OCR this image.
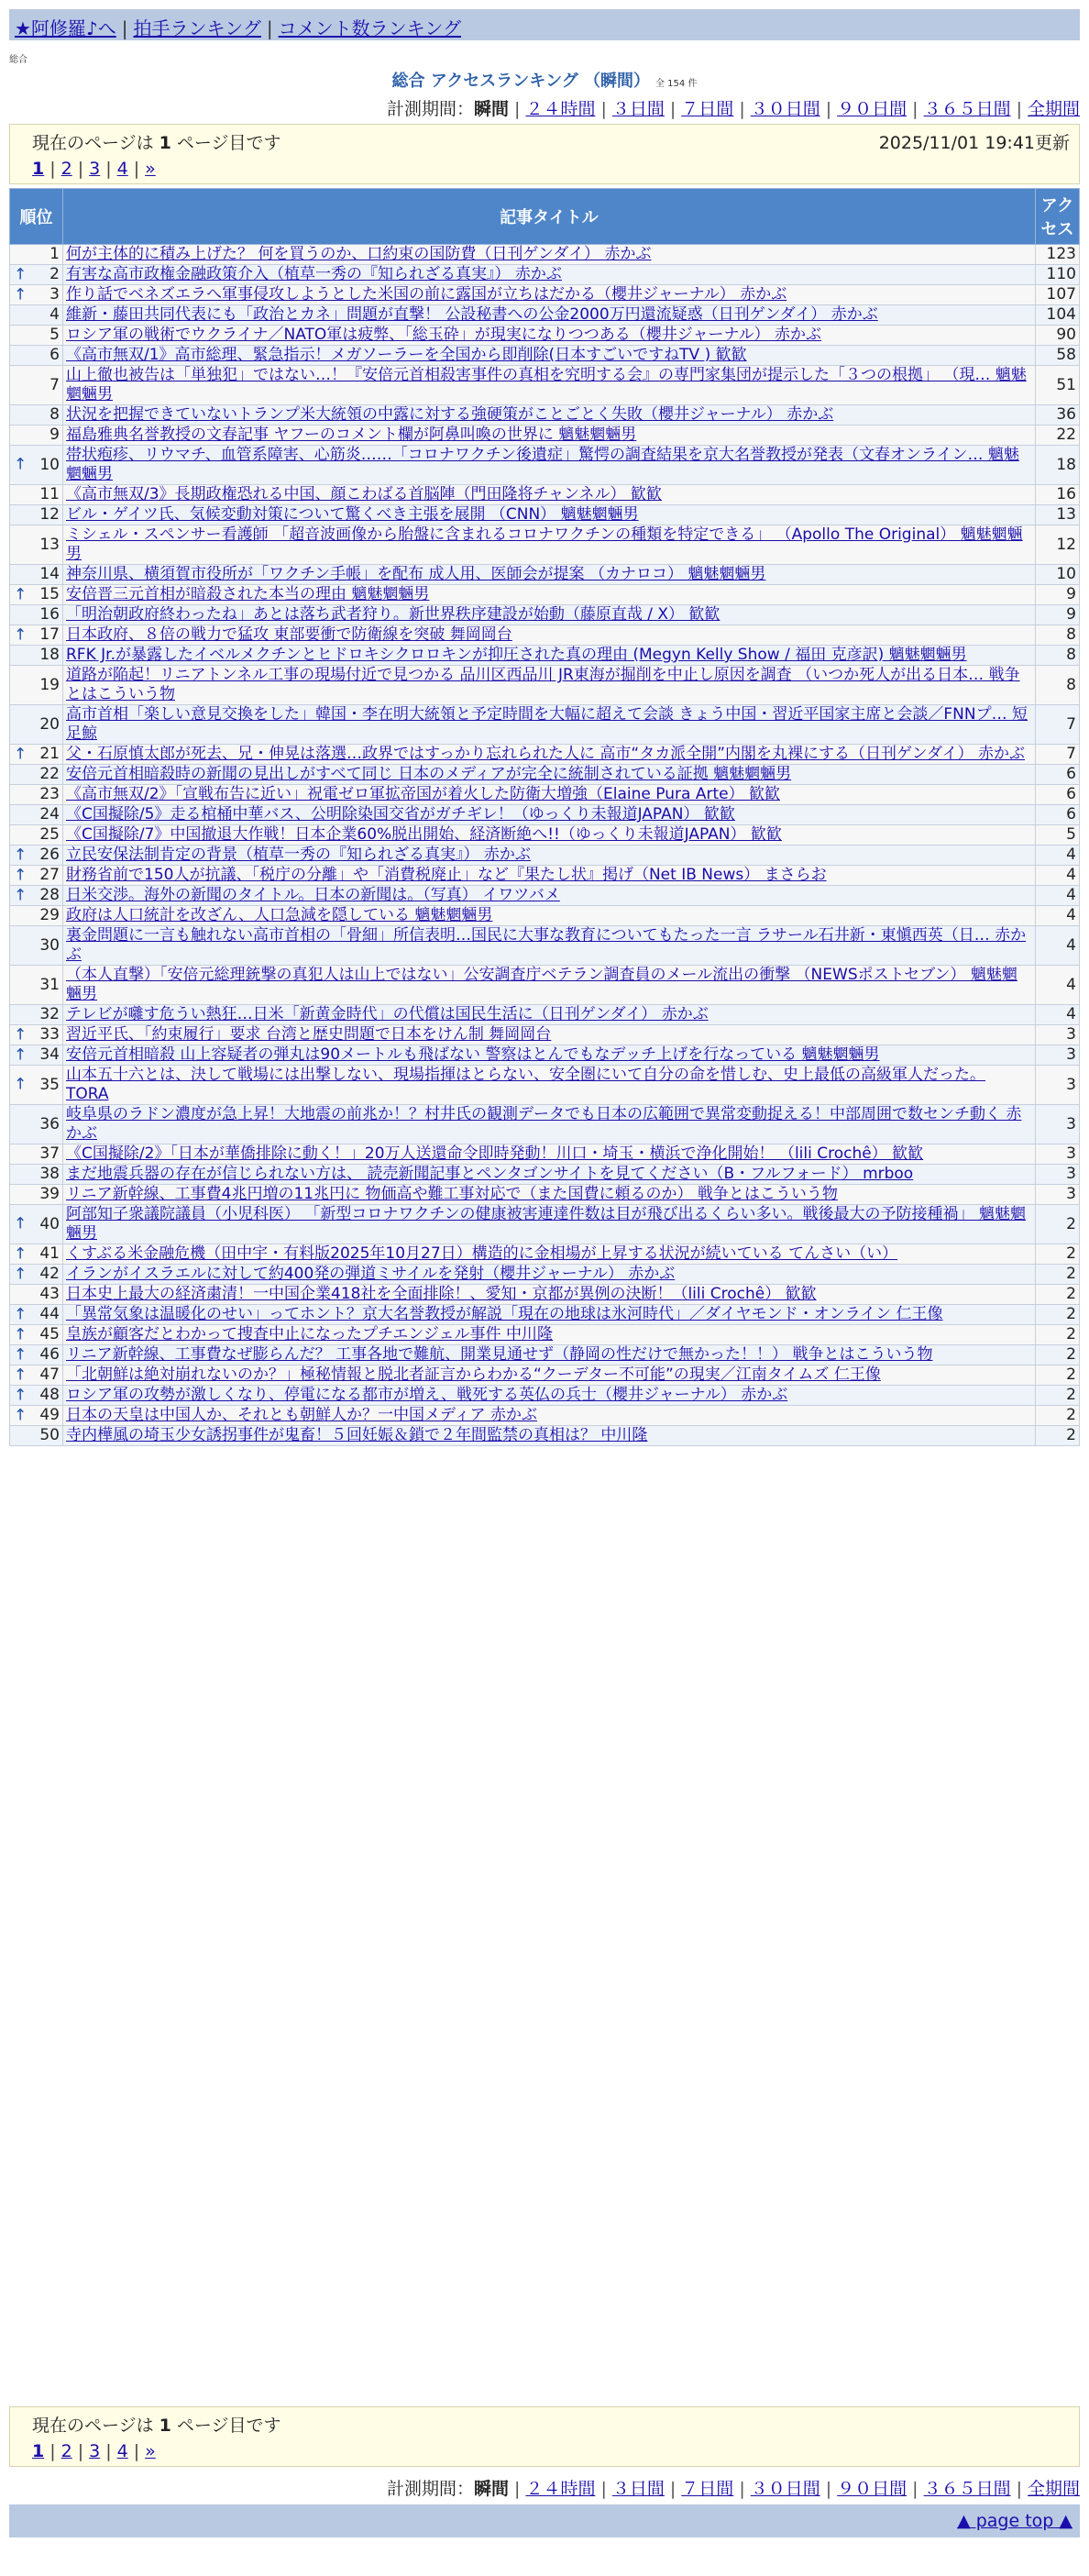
★阿修羅♪へ | 拍手ランキング | コメント数ランキング
総合
総合 アクセスランキング （瞬間） 全 154 件
計測期間：瞬間 | ２４時間 | ３日間 | ７日間 | ３０日間 | ９０日間 | ３６５日間 | 全期間
現在のページは 1 ページ目です	2025/11/01 19:41更新
1 | 2 | 3 | 4 | »
順位	記事タイトル	アクセス
1	何が主体的に積み上げた？ 何を買うのか、口約束の国防費（日刊ゲンダイ） 赤かぶ	123

↑ 2	有害な高市政権金融政策介入（植草一秀の『知られざる真実』） 赤かぶ	110

↑ 3	作り話でベネズエラへ軍事侵攻しようとした米国の前に露国が立ちはだかる（櫻井ジャーナル） 赤かぶ	107
4	維新・藤田共同代表にも「政治とカネ」問題が直撃！ 公設秘書への公金2000万円還流疑惑（日刊ゲンダイ） 赤かぶ	104
5	ロシア軍の戦術でウクライナ／NATO軍は疲弊、「総玉砕」が現実になりつつある（櫻井ジャーナル） 赤かぶ	90
6	《高市無双/1》高市総理、緊急指示！メガソーラーを全国から即削除(日本すごいですねTV ) 歓歓	58
7	山上徹也被告は「単独犯」ではない…！『安倍元首相殺害事件の真相を究明する会』の専門家集団が提示した「３つの根拠」 （現… 魑魅魍魎男	51
8	状況を把握できていないトランプ米大統領の中露に対する強硬策がことごとく失敗（櫻井ジャーナル） 赤かぶ	36
9	福島雅典名誉教授の文春記事 ヤフーのコメント欄が阿鼻叫喚の世界に 魑魅魍魎男	22

↑ 10	帯状疱疹、リウマチ、血管系障害、心筋炎……「コロナワクチン後遺症」驚愕の調査結果を京大名誉教授が発表（文春オンライン… 魑魅魍魎男	18
11	《高市無双/3》長期政権恐れる中国、顔こわばる首脳陣（門田隆将チャンネル） 歓歓	16
12	ビル・ゲイツ氏、気候変動対策について驚くべき主張を展開 （CNN） 魑魅魍魎男	13
13	ミシェル・スペンサー看護師 「超音波画像から胎盤に含まれるコロナワクチンの種類を特定できる」 （Apollo The Original） 魑魅魍魎男	12
14	神奈川県、横須賀市役所が「ワクチン手帳」を配布 成人用、医師会が提案 （カナロコ） 魑魅魍魎男	10

↑ 15	安倍晋三元首相が暗殺された本当の理由 魑魅魍魎男	9
16	「明治朝政府終わったね」あとは落ち武者狩り。新世界秩序建設が始動（藤原直哉 / X） 歓歓	9

↑ 17	日本政府、８倍の戦力で猛攻 東部要衝で防衛線を突破 舞岡岡台	8
18	RFK Jr.が暴露したイベルメクチンとヒドロキシクロロキンが抑圧された真の理由 (Megyn Kelly Show / 福田 克彦訳) 魑魅魍魎男	8
19	道路が陥起！リニアトンネル工事の現場付近で見つかる 品川区西品川 JR東海が掘削を中止し原因を調査 （いつか死人が出る日本… 戦争とはこういう物	8
20	高市首相「楽しい意見交換をした」韓国・李在明大統領と予定時間を大幅に超えて会談 きょう中国・習近平国家主席と会談／FNNプ… 短足鯨	7

↑ 21	父・石原慎太郎が死去、兄・伸晃は落選…政界ではすっかり忘れられた人に 高市“タカ派全開”内閣を丸裸にする（日刊ゲンダイ） 赤かぶ	7
22	安倍元首相暗殺時の新聞の見出しがすべて同じ 日本のメディアが完全に統制されている証拠 魑魅魍魎男	6
23	《高市無双/2》「宣戦布告に近い」祝電ゼロ軍拡帝国が着火した防衛大増強（Elaine Pura Arte） 歓歓	6
24	《C国擬除/5》走る棺桶中華バス、公明除染国交省がガチギレ！（ゆっくり未報道JAPAN） 歓歓	6
25	《C国擬除/7》中国撤退大作戦！日本企業60%脱出開始、経済断絶へ!!（ゆっくり未報道JAPAN） 歓歓	5

↑ 26	立民安保法制肯定の背景（植草一秀の『知られざる真実』） 赤かぶ	4

↑ 27	財務省前で150人が抗議、「税庁の分離」や「消費税廃止」など『果たし状』掲げ（Net IB News） まさらお	4

↑ 28	日米交渉。海外の新聞のタイトル。日本の新聞は。（写真） イワツバメ	4
29	政府は人口統計を改ざん、人口急減を隠している 魑魅魍魎男	4
30	裏金問題に一言も触れない高市首相の「骨細」所信表明…国民に大事な教育についてもたった一言 ラサール石井新・東愼西英（日… 赤かぶ	4
31	（本人直撃）「安倍元総理銃撃の真犯人は山上ではない」公安調査庁ベテラン調査員のメール流出の衝撃 （NEWSポストセブン） 魑魅魍魎男	4
32	テレビが囃す危うい熱狂…日米「新黄金時代」の代償は国民生活に（日刊ゲンダイ） 赤かぶ	4

↑ 33	習近平氏、「約束履行」要求 台湾と歴史問題で日本をけん制 舞岡岡台	3

↑ 34	安倍元首相暗殺 山上容疑者の弾丸は90メートルも飛ばない 警察はとんでもなデッチ上げを行なっている 魑魅魍魎男	3

↑ 35	山本五十六とは、決して戦場には出撃しない、現場指揮はとらない、安全圏にいて自分の命を惜しむ、史上最低の高級軍人だった。 TORA	3
36	岐阜県のラドン濃度が急上昇！大地震の前兆か！？村井氏の観測データでも日本の広範囲で異常変動捉える！中部周囲で数センチ動く 赤かぶ	3
37	《C国擬除/2》「日本が華僑排除に動く！」20万人送還命令即時発動！川口・埼玉・横浜で浄化開始！ （lili Crochê） 歓歓	3
38	まだ地震兵器の存在が信じられない方は、 読売新聞記事とペンタゴンサイトを見てください（B・フルフォード） mrboo	3
39	リニア新幹線、工事費4兆円増の11兆円に 物価高や難工事対応で（また国費に頼るのか） 戦争とはこういう物	3

↑ 40	阿部知子衆議院議員（小児科医） 「新型コロナワクチンの健康被害連達件数は目が飛び出るくらい多い。戦後最大の予防接種禍」 魑魅魍魎男	2

↑ 41	くすぶる米金融危機（田中宇・有料版2025年10月27日）構造的に金相場が上昇する状況が続いている てんさい（い）	2

↑ 42	イランがイスラエルに対して約400発の弾道ミサイルを発射（櫻井ジャーナル） 赤かぶ	2
43	日本史上最大の経済粛清！一中国企業418社を全面排除！、愛知・京都が異例の決断！（lili Crochê） 歓歓	2

↑ 44	「異常気象は温暖化のせい」ってホント？京大名誉教授が解説「現在の地球は氷河時代」／ダイヤモンド・オンライン 仁王像	2

↑ 45	皇族が顧客だとわかって捜査中止になったプチエンジェル事件 中川隆	2

↑ 46	リニア新幹線、工事費なぜ膨らんだ？ 工事各地で難航、開業見通せず（静岡の性だけで無かった！！） 戦争とはこういう物	2

↑ 47	「北朝鮮は絶対崩れないのか？」極秘情報と脱北者証言からわかる“クーデター不可能”の現実／江南タイムズ 仁王像	2

↑ 48	ロシア軍の攻勢が激しくなり、停電になる都市が増え、戦死する英仏の兵士（櫻井ジャーナル） 赤かぶ	2

↑ 49	日本の天皇は中国人か、それとも朝鮮人か？一中国メディア 赤かぶ	2
50	寺内樺風の埼玉少女誘拐事件が鬼畜！５回妊娠＆鎖で２年間監禁の真相は？ 中川隆	2
現在のページは 1 ページ目です
1 | 2 | 3 | 4 | »
計測期間：瞬間 | ２４時間 | ３日間 | ７日間 | ３０日間 | ９０日間 | ３６５日間 | 全期間
▲ page top ▲
